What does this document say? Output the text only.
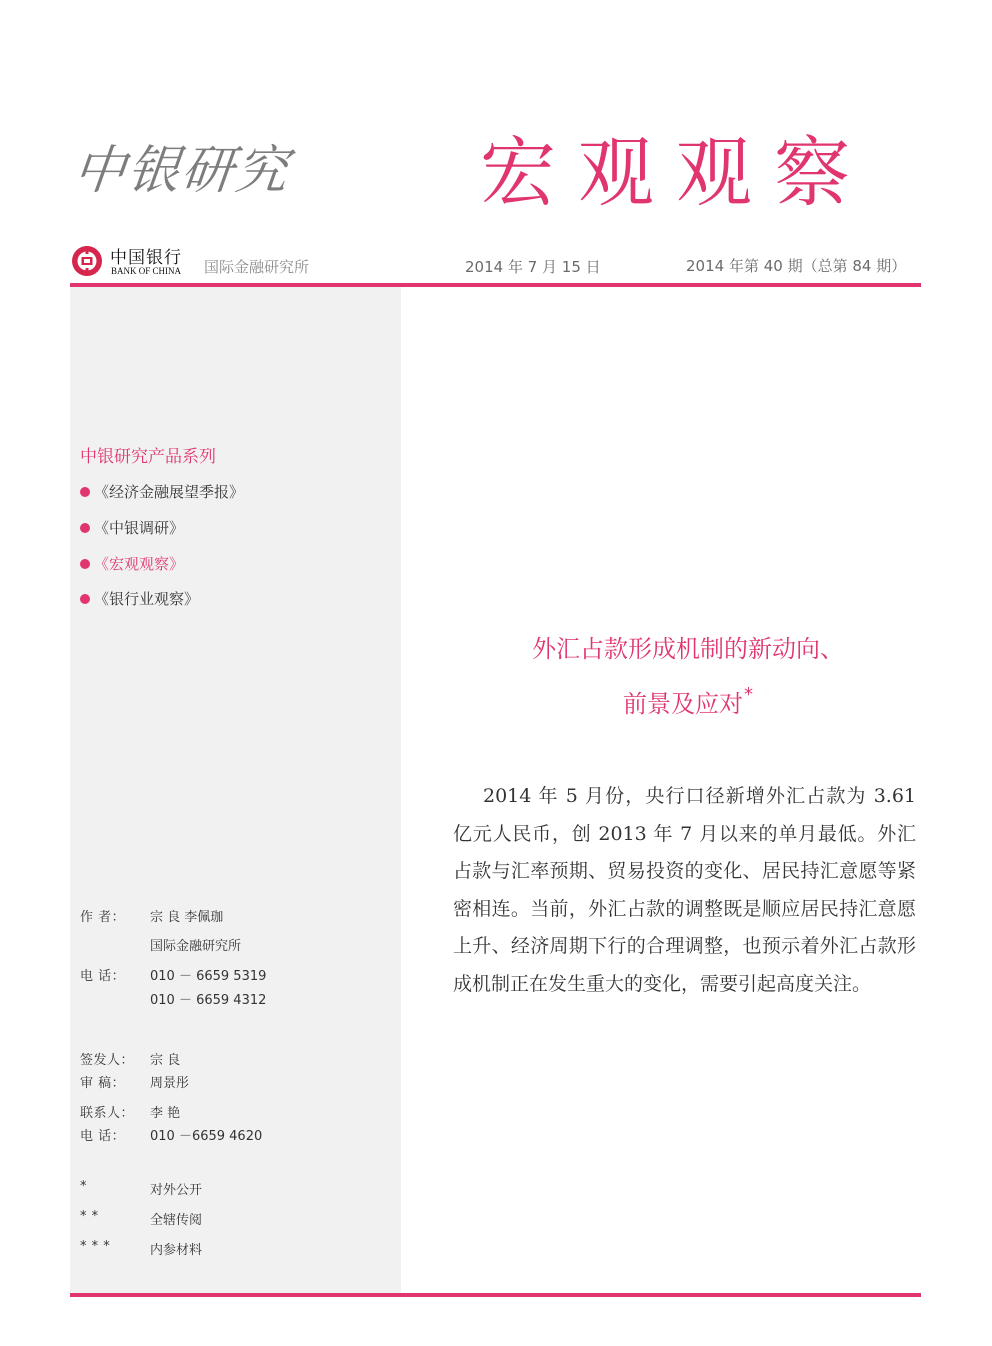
中银研究 宏观观察
中国银行
BANK OF CHINA 国际金融研究所	2014 年 7 月 15 日	2014 年第 40 期（总第 84 期）
中银研究产品系列
《经济金融展望季报》
《中银调研》
《宏观观察》
《银行业观察》
作 者： 宗 良 李佩珈
国际金融研究所
电 话： 010 － 6659 5319
010 － 6659 4312
签发人： 宗 良
审 稿： 周景彤
联系人： 李 艳
电 话： 010 －6659 4620
*	对外公开
* *	全辖传阅
* * *	内参材料
外汇占款形成机制的新动向、
前景及应对*

2014 年 5 月份，央行口径新增外汇占款为 3.61 亿元人民币，创 2013 年 7 月以来的单月最低。外汇占款与汇率预期、贸易投资的变化、居民持汇意愿等紧密相连。当前，外汇占款的调整既是顺应居民持汇意愿上升、经济周期下行的合理调整，也预示着外汇占款形成机制正在发生重大的变化，需要引起高度关注。
